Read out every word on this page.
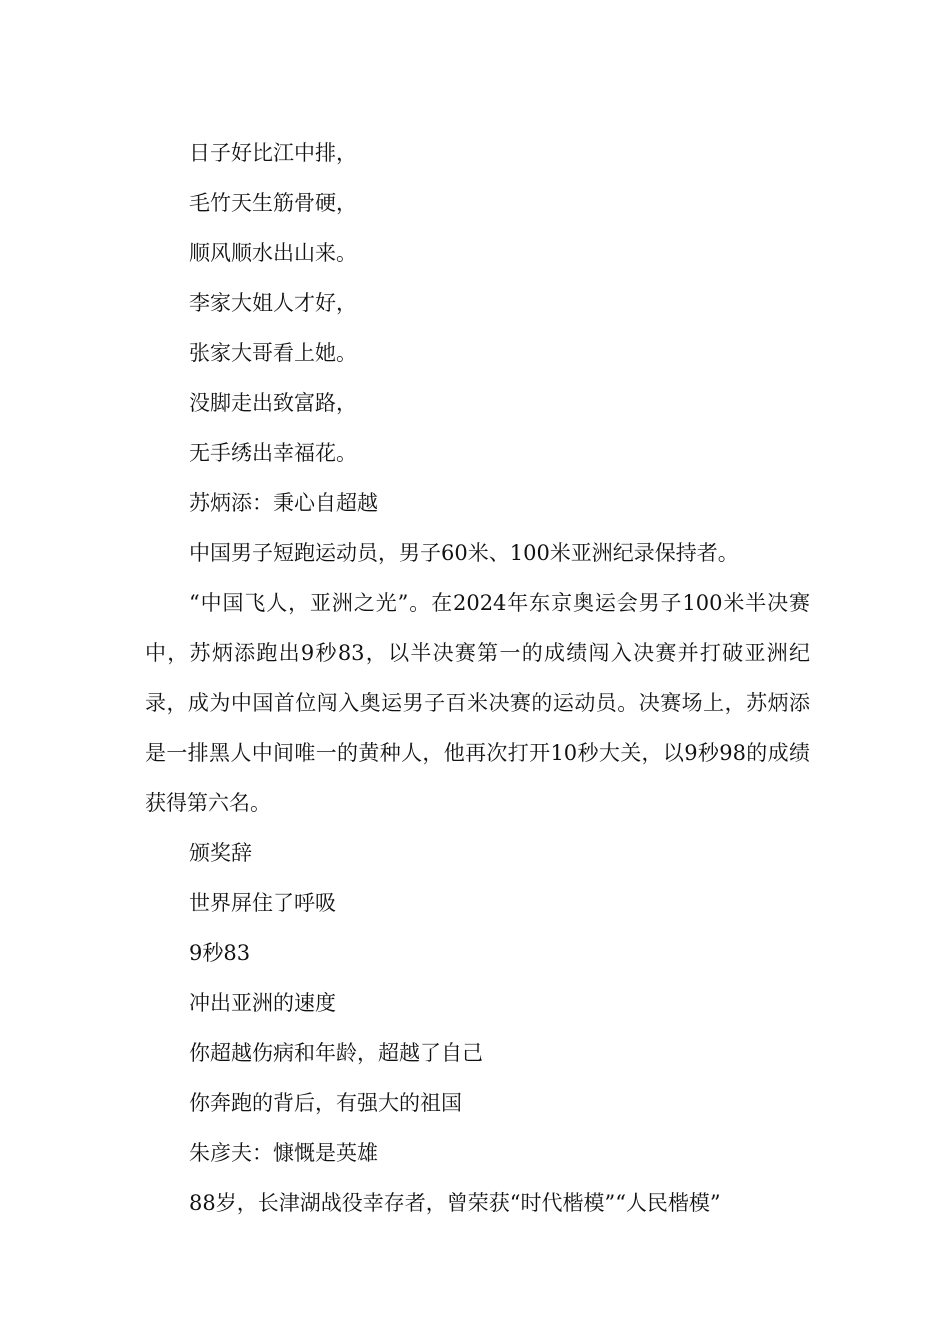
日子好比江中排，
毛竹天生筋骨硬，
顺风顺水出山来。
李家大姐人才好，
张家大哥看上她。
没脚走出致富路，
无手绣出幸福花。
苏炳添：秉心自超越
中国男子短跑运动员，男子60米、100米亚洲纪录保持者。
“中国飞人，亚洲之光”。在2024年东京奥运会男子100米半决赛中，苏炳添跑出9秒83，以半决赛第一的成绩闯入决赛并打破亚洲纪录，成为中国首位闯入奥运男子百米决赛的运动员。决赛场上，苏炳添是一排黑人中间唯一的黄种人，他再次打开10秒大关，以9秒98的成绩获得第六名。
颁奖辞
世界屏住了呼吸
9秒83
冲出亚洲的速度
你超越伤病和年龄，超越了自己
你奔跑的背后，有强大的祖国
朱彦夫：慷慨是英雄
88岁，长津湖战役幸存者，曾荣获“时代楷模”“人民楷模”
